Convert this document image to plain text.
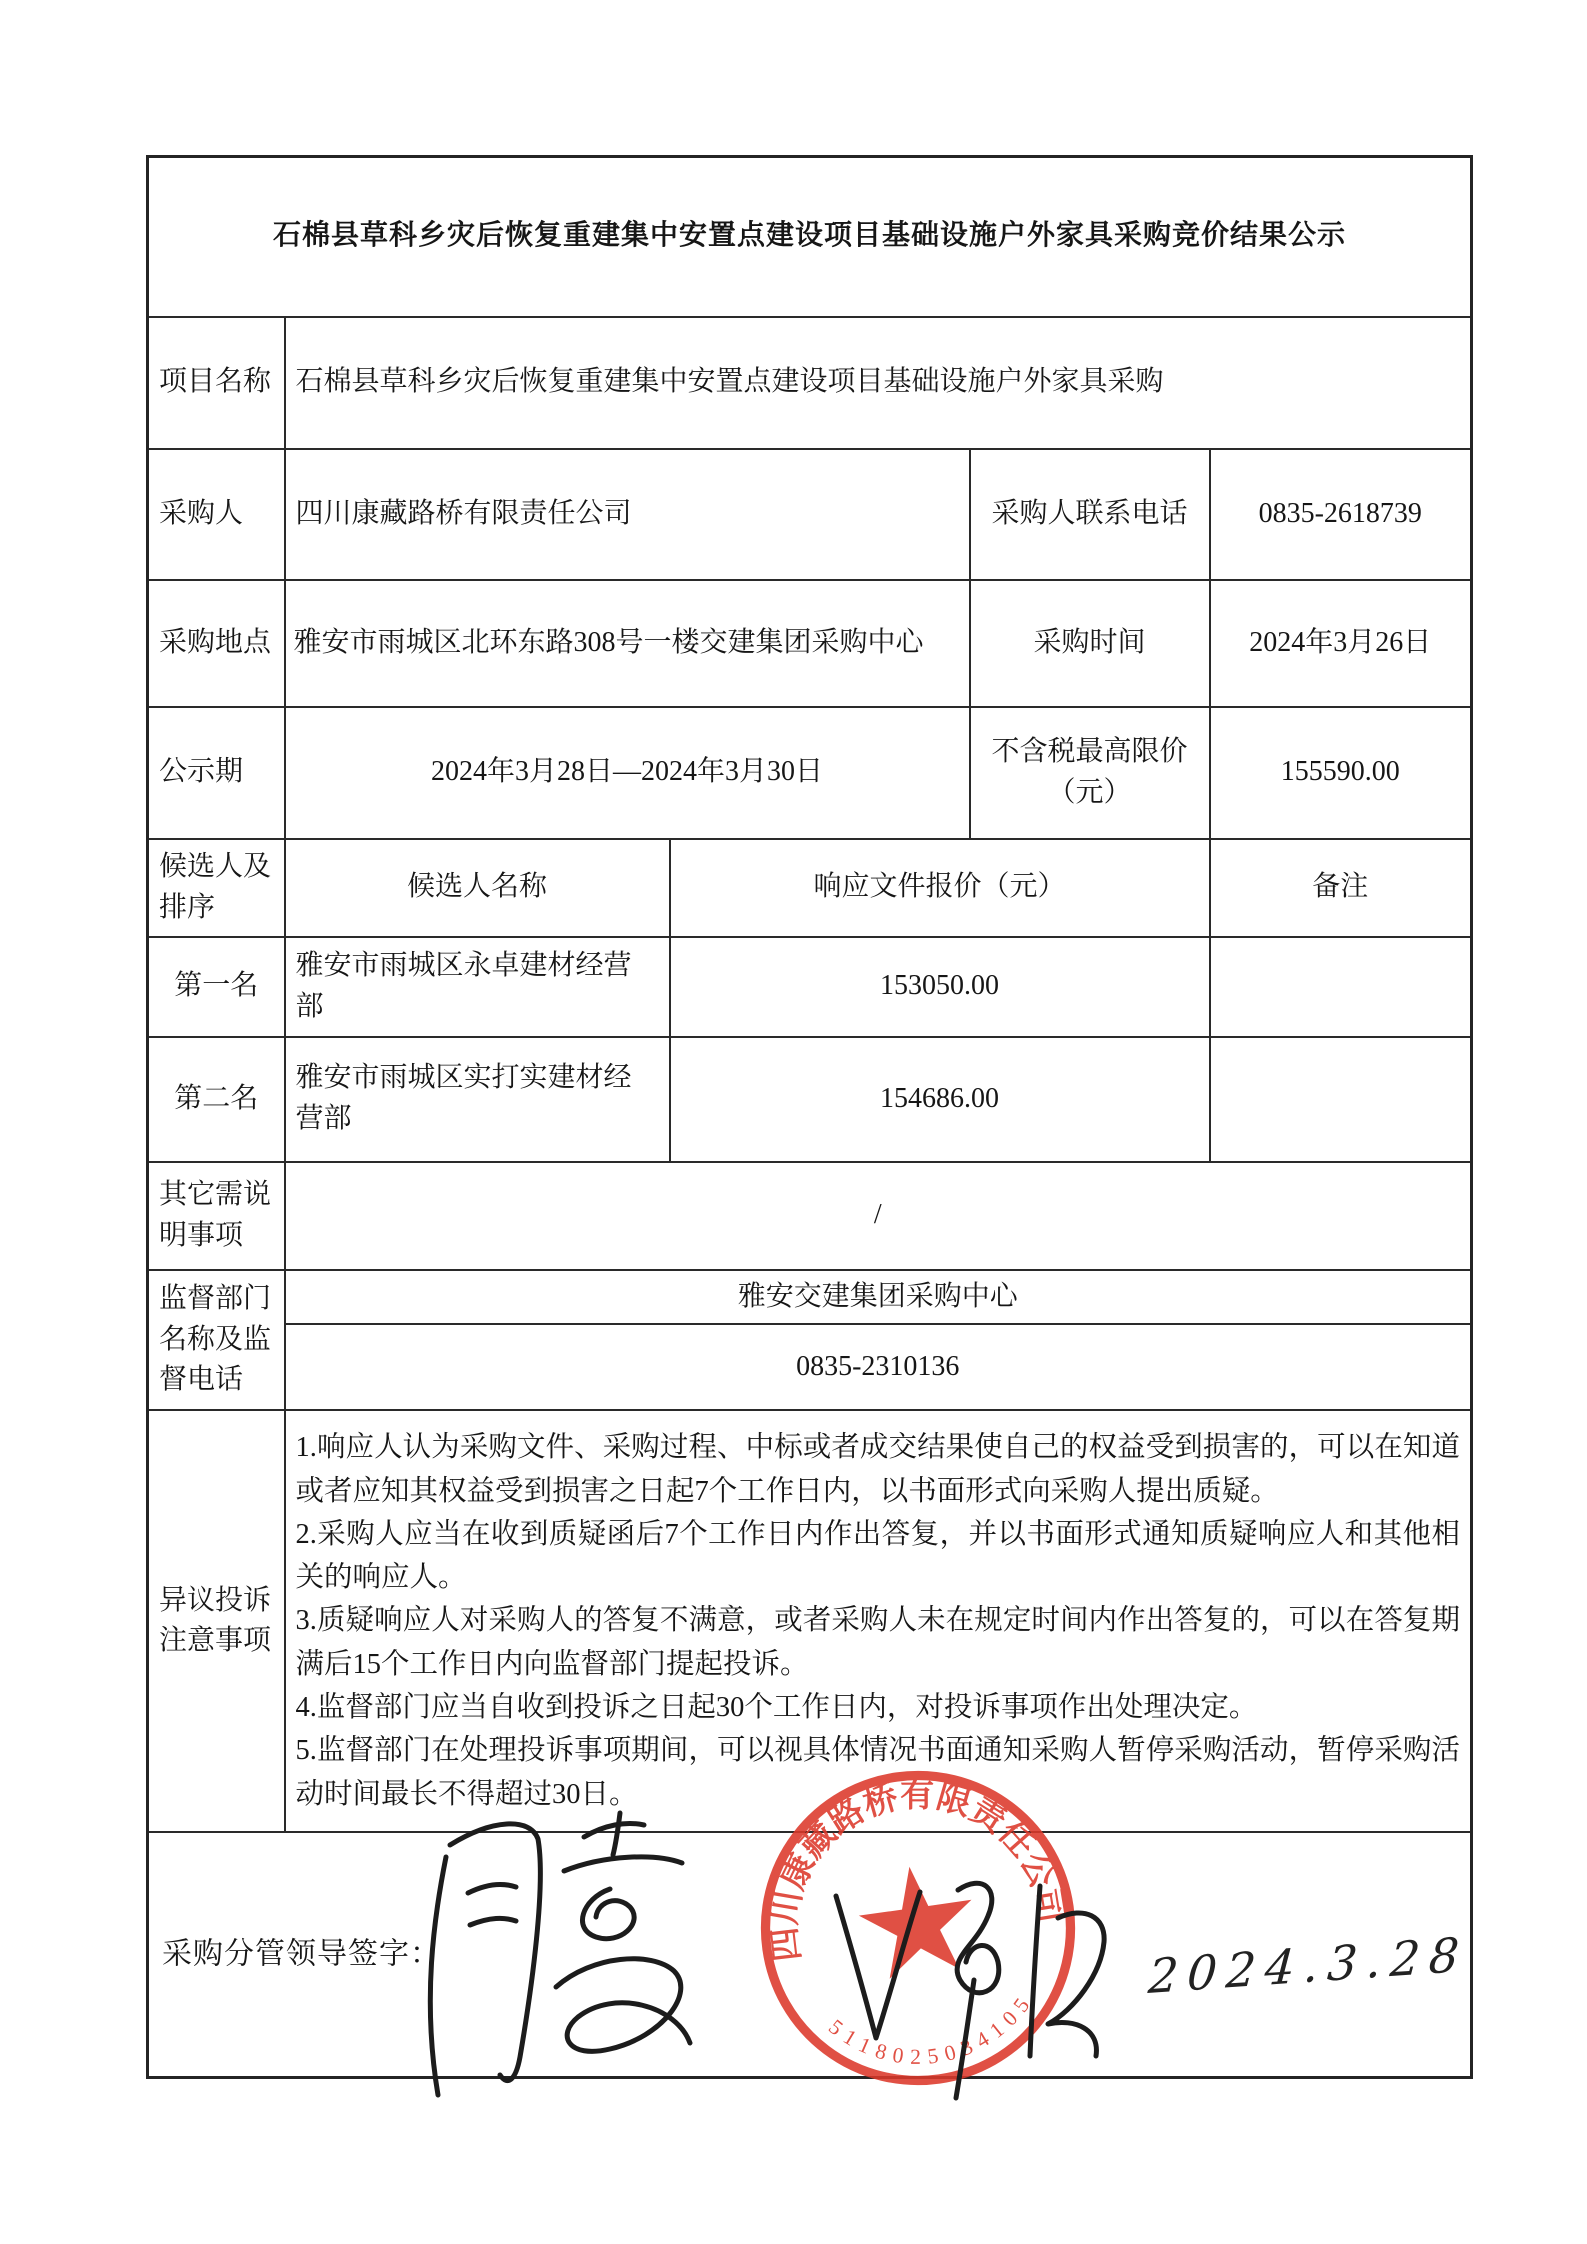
石棉县草科乡灾后恢复重建集中安置点建设项目基础设施户外家具采购竞价结果公示				
项目名称	石棉县草科乡灾后恢复重建集中安置点建设项目基础设施户外家具采购			
采购人	四川康藏路桥有限责任公司		采购人联系电话	0835-2618739
采购地点	雅安市雨城区北环东路308号一楼交建集团采购中心		采购时间	2024年3月26日
公示期	2024年3月28日—2024年3月30日		不含税最高限价（元）	155590.00
候选人及排序	候选人名称	响应文件报价（元）		备注
第一名	雅安市雨城区永卓建材经营部	153050.00		
第二名	雅安市雨城区实打实建材经营部	154686.00		
其它需说明事项	/			
监督部门名称及监督电话	雅安交建集团采购中心			
	0835-2310136			
异议投诉注意事项	1.响应人认为采购文件、采购过程、中标或者成交结果使自己的权益受到损害的，可以在知道或者应知其权益受到损害之日起7个工作日内，以书面形式向采购人提出质疑。
2.采购人应当在收到质疑函后7个工作日内作出答复，并以书面形式通知质疑响应人和其他相关的响应人。
3.质疑响应人对采购人的答复不满意，或者采购人未在规定时间内作出答复的，可以在答复期满后15个工作日内向监督部门提起投诉。
4.监督部门应当自收到投诉之日起30个工作日内，对投诉事项作出处理决定。
5.监督部门在处理投诉事项期间，可以视具体情况书面通知采购人暂停采购活动，暂停采购活动时间最长不得超过30日。			

采购分管领导签字：					四川康藏路桥有限责任公司
5118025034105 2024.3.28
